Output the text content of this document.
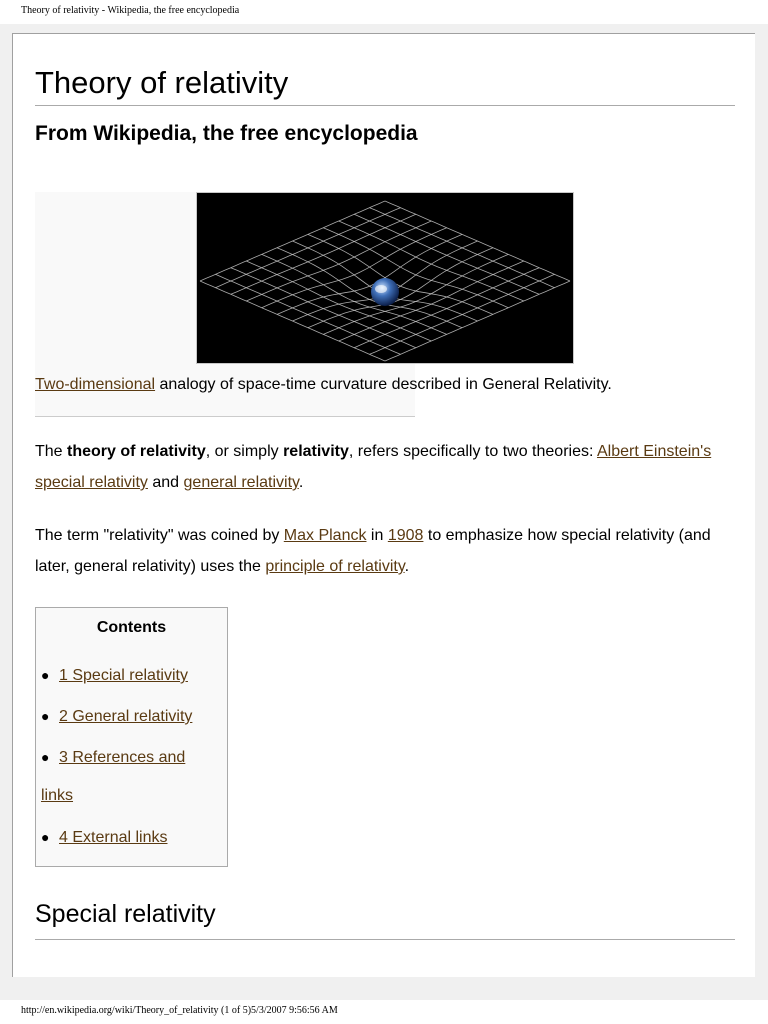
Theory of relativity - Wikipedia, the free encyclopedia
Theory of relativity
From Wikipedia, the free encyclopedia
Two-dimensional analogy of space-time curvature described in General Relativity.

The theory of relativity, or simply relativity, refers specifically to two theories: Albert Einstein's special relativity and general relativity.

The term "relativity" was coined by Max Planck in 1908 to emphasize how special relativity (and later, general relativity) uses the principle of relativity.

Contents
● 1 Special relativity
● 2 General relativity
● 3 References and
links
● 4 External links
Special relativity
http://en.wikipedia.org/wiki/Theory_of_relativity (1 of 5)5/3/2007 9:56:56 AM
